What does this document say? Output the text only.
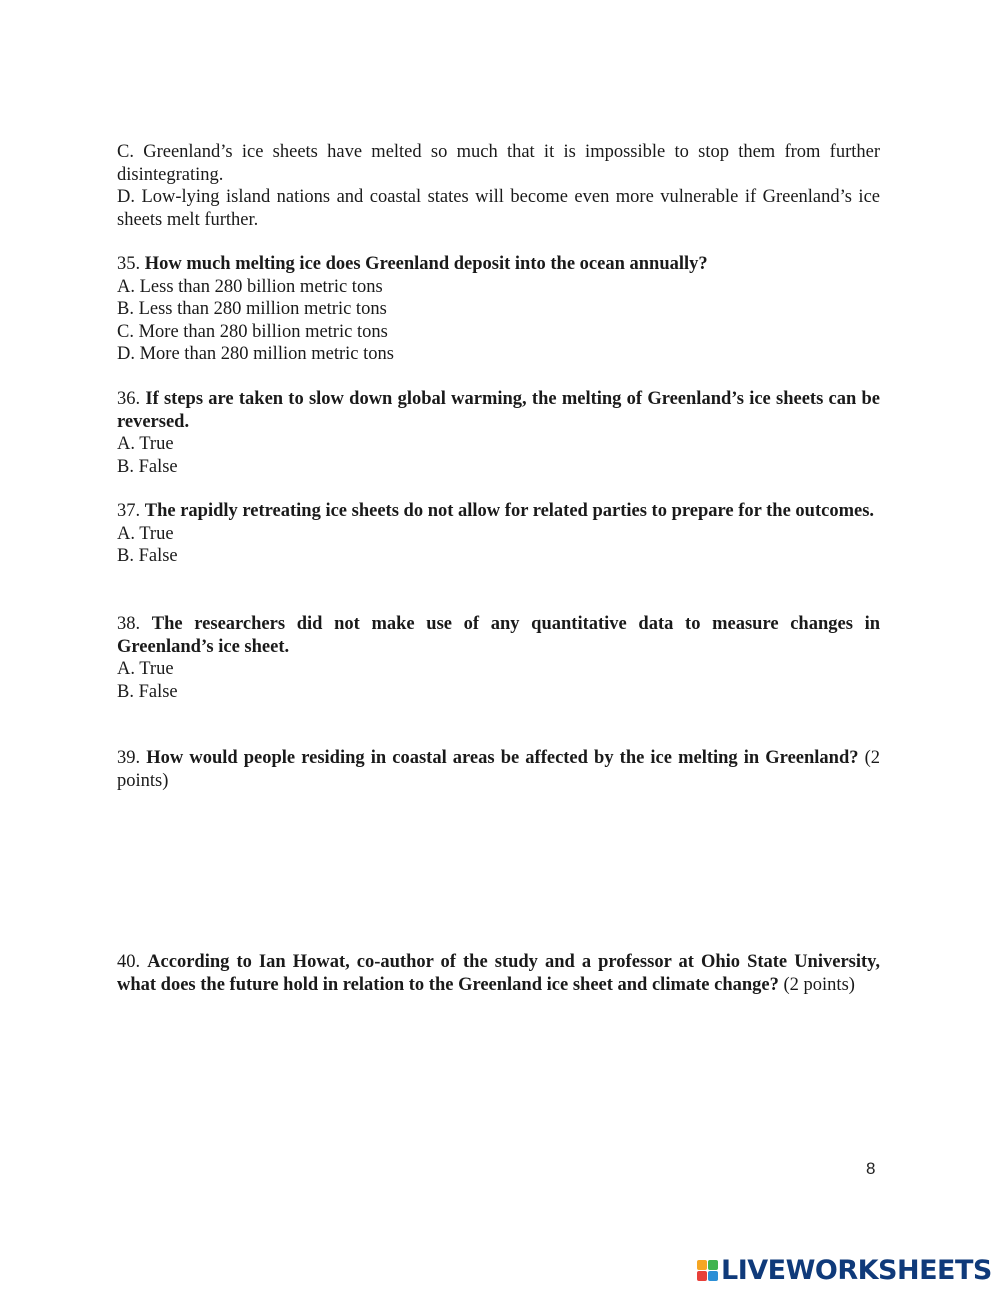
C. Greenland’s ice sheets have melted so much that it is impossible to stop them from further disintegrating.
D. Low-lying island nations and coastal states will become even more vulnerable if Greenland’s ice sheets melt further.
35. How much melting ice does Greenland deposit into the ocean annually?
A. Less than 280 billion metric tons
B. Less than 280 million metric tons
C. More than 280 billion metric tons
D. More than 280 million metric tons
36. If steps are taken to slow down global warming, the melting of Greenland’s ice sheets can be reversed.
A. True
B. False
37. The rapidly retreating ice sheets do not allow for related parties to prepare for the outcomes.
A. True
B. False
38. The researchers did not make use of any quantitative data to measure changes in Greenland’s ice sheet.
A. True
B. False
39. How would people residing in coastal areas be affected by the ice melting in Greenland? (2 points)
40. According to Ian Howat, co-author of the study and a professor at Ohio State University, what does the future hold in relation to the Greenland ice sheet and climate change? (2 points)
8
LIVEWORKSHEETS
